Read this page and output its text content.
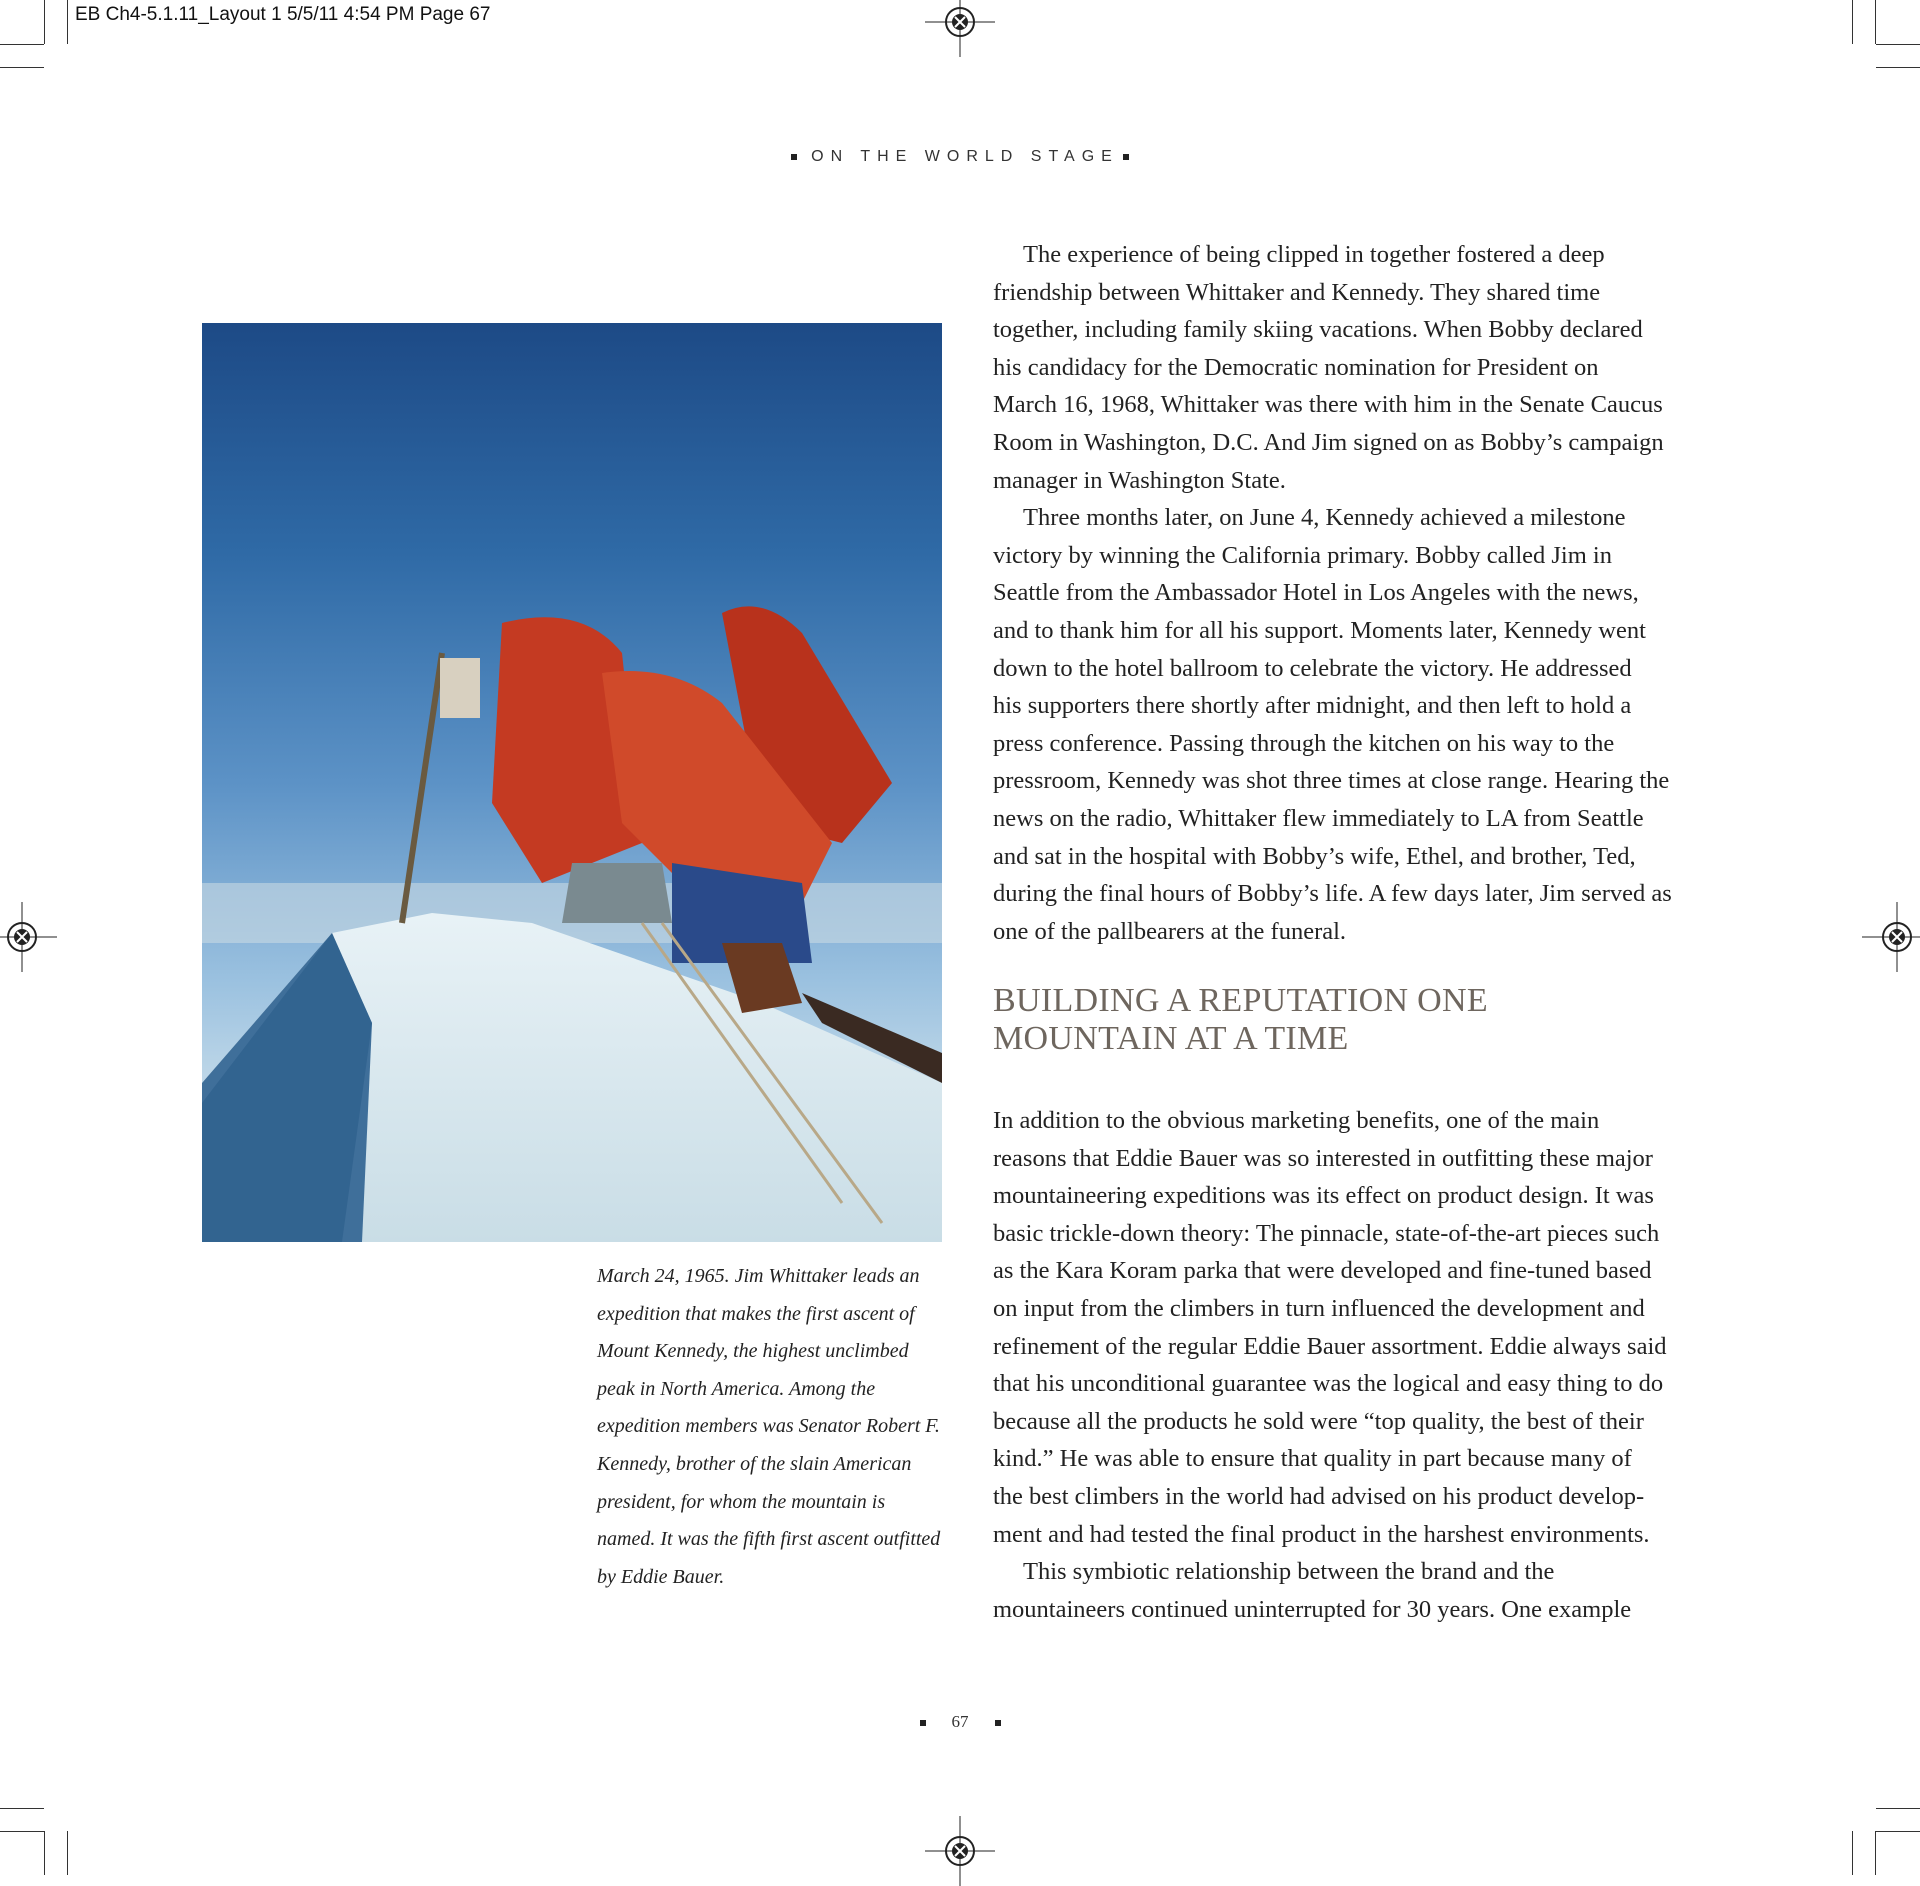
EB Ch4-5.1.11_Layout 1 5/5/11 4:54 PM Page 67
ON THE WORLD STAGE
March 24, 1965. Jim Whittaker leads an
expedition that makes the first ascent of
Mount Kennedy, the highest unclimbed
peak in North America. Among the
expedition members was Senator Robert F.
Kennedy, brother of the slain American
president, for whom the mountain is
named. It was the fifth first ascent outfitted
by Eddie Bauer.
The experience of being clipped in together fostered a deep
friendship between Whittaker and Kennedy. They shared time
together, including family skiing vacations. When Bobby declared
his candidacy for the Democratic nomination for President on
March 16, 1968, Whittaker was there with him in the Senate Caucus
Room in Washington, D.C. And Jim signed on as Bobby’s campaign
manager in Washington State.
Three months later, on June 4, Kennedy achieved a milestone
victory by winning the California primary. Bobby called Jim in
Seattle from the Ambassador Hotel in Los Angeles with the news,
and to thank him for all his support. Moments later, Kennedy went
down to the hotel ballroom to celebrate the victory. He addressed
his supporters there shortly after midnight, and then left to hold a
press conference. Passing through the kitchen on his way to the
pressroom, Kennedy was shot three times at close range. Hearing the
news on the radio, Whittaker flew immediately to LA from Seattle
and sat in the hospital with Bobby’s wife, Ethel, and brother, Ted,
during the final hours of Bobby’s life. A few days later, Jim served as
one of the pallbearers at the funeral.
BUILDING A REPUTATION ONE
MOUNTAIN AT A TIME
In addition to the obvious marketing benefits, one of the main
reasons that Eddie Bauer was so interested in outfitting these major
mountaineering expeditions was its effect on product design. It was
basic trickle-down theory: The pinnacle, state-of-the-art pieces such
as the Kara Koram parka that were developed and fine-tuned based
on input from the climbers in turn influenced the development and
refinement of the regular Eddie Bauer assortment. Eddie always said
that his unconditional guarantee was the logical and easy thing to do
because all the products he sold were “top quality, the best of their
kind.” He was able to ensure that quality in part because many of
the best climbers in the world had advised on his product develop-
ment and had tested the final product in the harshest environments.
This symbiotic relationship between the brand and the
mountaineers continued uninterrupted for 30 years. One example
67
